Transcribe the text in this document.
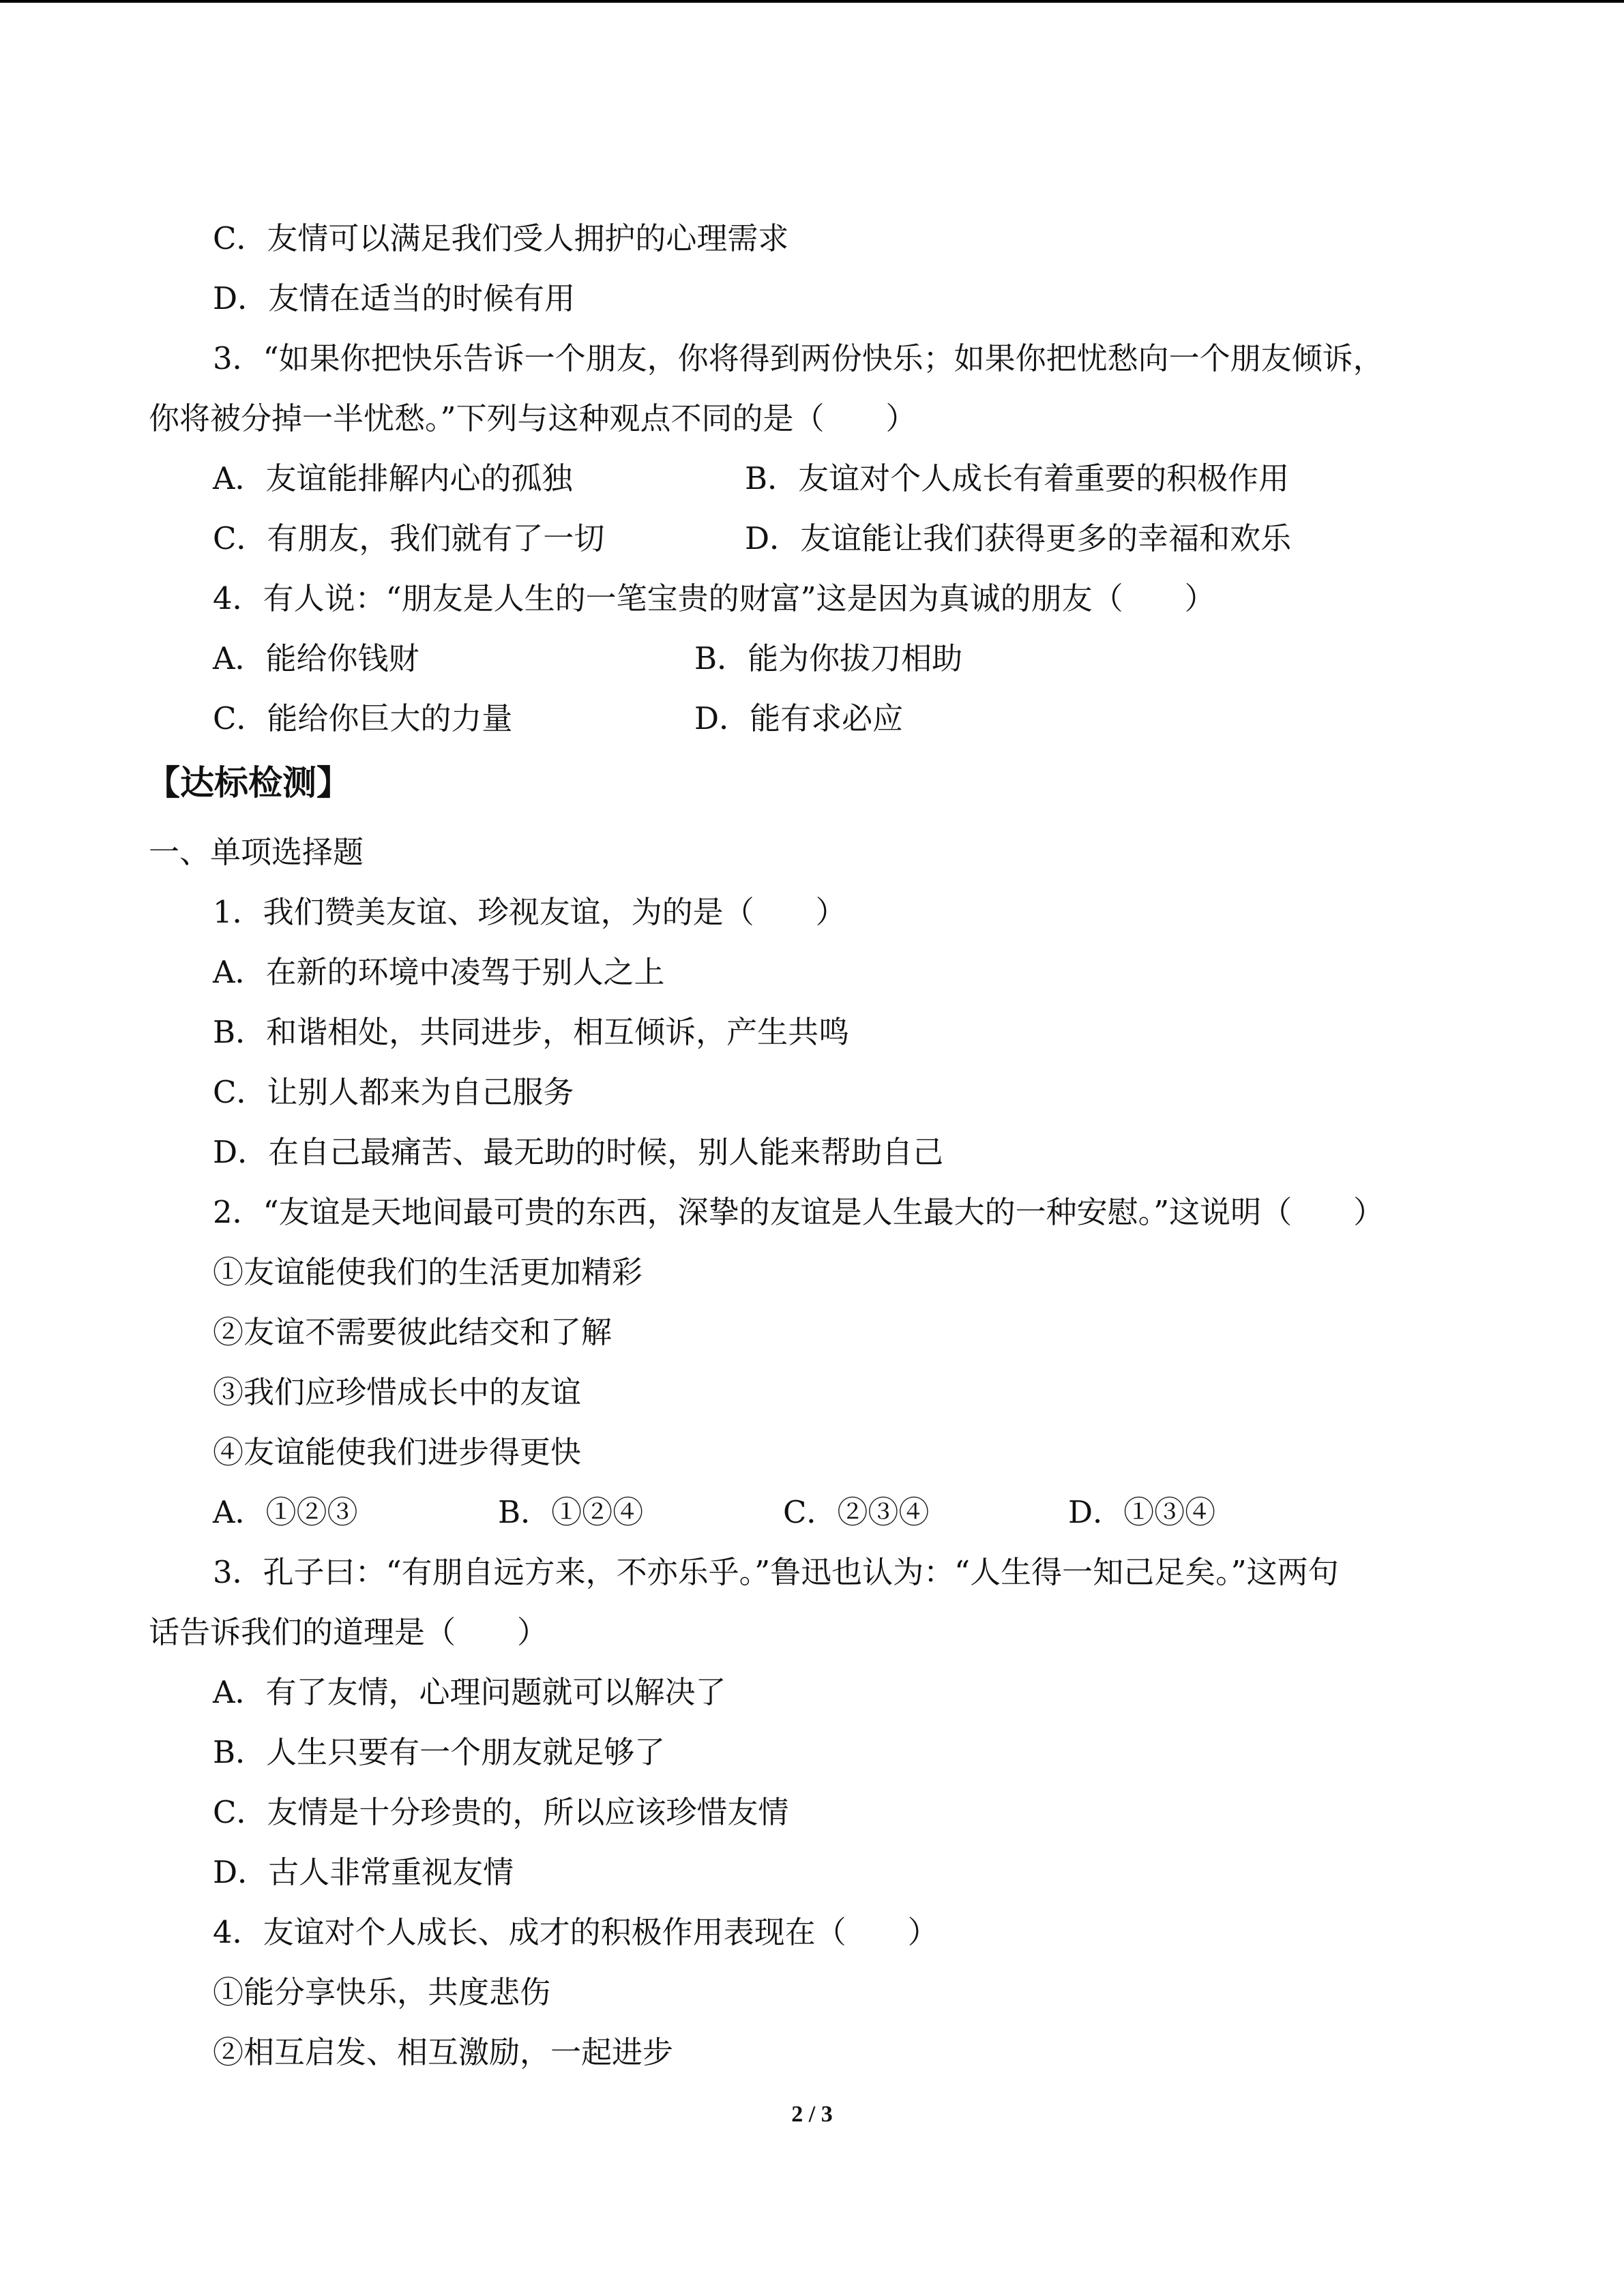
C．友情可以满足我们受人拥护的心理需求
D．友情在适当的时候有用
3．“如果你把快乐告诉一个朋友，你将得到两份快乐；如果你把忧愁向一个朋友倾诉，
你将被分掉一半忧愁。”下列与这种观点不同的是（　　）
A．友谊能排解内心的孤独	B．友谊对个人成长有着重要的积极作用
C．有朋友，我们就有了一切	D．友谊能让我们获得更多的幸福和欢乐
4．有人说：“朋友是人生的一笔宝贵的财富”这是因为真诚的朋友（　　）
A．能给你钱财	B．能为你拔刀相助
C．能给你巨大的力量	D．能有求必应
【达标检测】
一、单项选择题
1．我们赞美友谊、珍视友谊，为的是（　　）
A．在新的环境中凌驾于别人之上
B．和谐相处，共同进步，相互倾诉，产生共鸣
C．让别人都来为自己服务
D．在自己最痛苦、最无助的时候，别人能来帮助自己
2．“友谊是天地间最可贵的东西，深挚的友谊是人生最大的一种安慰。”这说明（　　）
①友谊能使我们的生活更加精彩
②友谊不需要彼此结交和了解
③我们应珍惜成长中的友谊
④友谊能使我们进步得更快
A．①②③	B．①②④	C．②③④	D．①③④
3．孔子曰：“有朋自远方来，不亦乐乎。”鲁迅也认为：“人生得一知己足矣。”这两句
话告诉我们的道理是（　　）
A．有了友情，心理问题就可以解决了
B．人生只要有一个朋友就足够了
C．友情是十分珍贵的，所以应该珍惜友情
D．古人非常重视友情
4．友谊对个人成长、成才的积极作用表现在（　　）
①能分享快乐，共度悲伤
②相互启发、相互激励，一起进步
2 / 3
